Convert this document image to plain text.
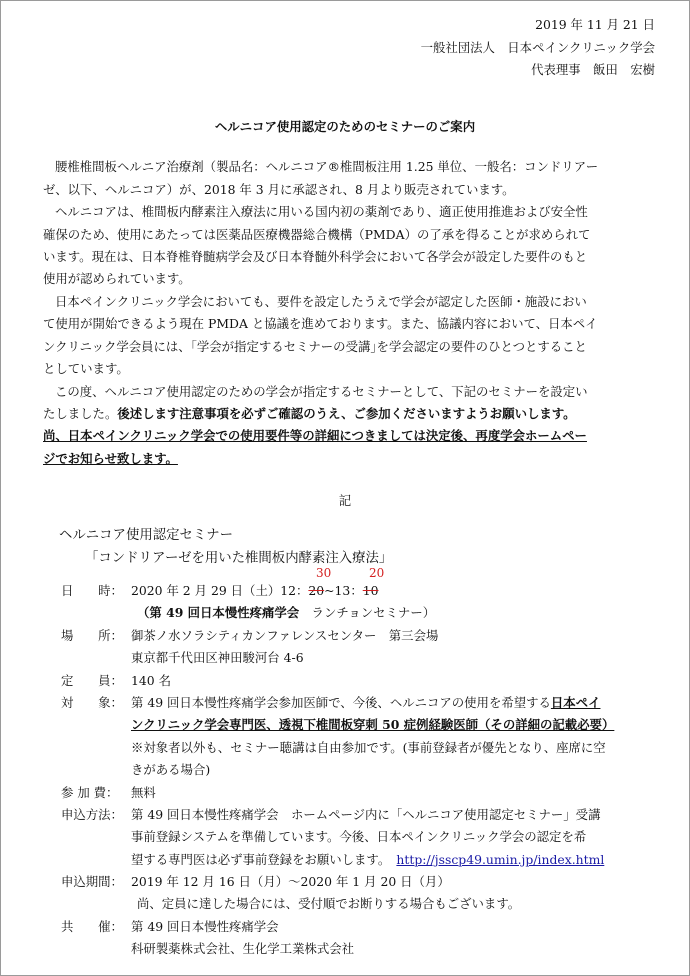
2019 年 11 月 21 日
一般社団法人　日本ペインクリニック学会
代表理事　飯田　宏樹
ヘルニコア使用認定のためのセミナーのご案内
腰椎椎間板ヘルニア治療剤（製品名：ヘルニコア®椎間板注用 1.25 単位、一般名：コンドリアー
ゼ、以下、ヘルニコア）が、2018 年 3 月に承認され、8 月より販売されています。
ヘルニコアは、椎間板内酵素注入療法に用いる国内初の薬剤であり、適正使用推進および安全性
確保のため、使用にあたっては医薬品医療機器総合機構（PMDA）の了承を得ることが求められて
います。現在は、日本脊椎脊髄病学会及び日本脊髄外科学会において各学会が設定した要件のもと
使用が認められています。
日本ペインクリニック学会においても、要件を設定したうえで学会が認定した医師・施設におい
て使用が開始できるよう現在 PMDA と協議を進めております。また、協議内容において、日本ペイ
ンクリニック学会員には、｢学会が指定するセミナーの受講｣を学会認定の要件のひとつとすること
としています。
この度、ヘルニコア使用認定のための学会が指定するセミナーとして、下記のセミナーを設定い
たしました。後述します注意事項を必ずご確認のうえ、ご参加くださいますようお願いします。
尚、日本ペインクリニック学会での使用要件等の詳細につきましては決定後、再度学会ホームペー
ジでお知らせ致します。
記
ヘルニコア使用認定セミナー
「コンドリアーゼを用いた椎間板内酵素注入療法」
日　　時：
30	20
2020 年 2 月 29 日（土）12：20~13：10
（第 49 回日本慢性疼痛学会　ランチョンセミナー）
場　　所： 御茶ノ水ソラシティカンファレンスセンター　第三会場
東京都千代田区神田駿河台 4-6
定　　員： 140 名
対　　象： 第 49 回日本慢性疼痛学会参加医師で、今後、ヘルニコアの使用を希望する日本ペイ
ンクリニック学会専門医、透視下椎間板穿刺 50 症例経験医師（その詳細の記載必要）
※対象者以外も、セミナー聴講は自由参加です。(事前登録者が優先となり、座席に空
きがある場合)
参 加 費： 無料
申込方法： 第 49 回日本慢性疼痛学会　ホームページ内に「ヘルニコア使用認定セミナー」受講
事前登録システムを準備しています。今後、日本ペインクリニック学会の認定を希
望する専門医は必ず事前登録をお願いします。　 http://jsscp49.umin.jp/index.html
申込期間： 2019 年 12 月 16 日（月）～2020 年 1 月 20 日（月）
尚、定員に達した場合には、受付順でお断りする場合もございます。
共　　催： 第 49 回日本慢性疼痛学会
科研製薬株式会社、生化学工業株式会社
